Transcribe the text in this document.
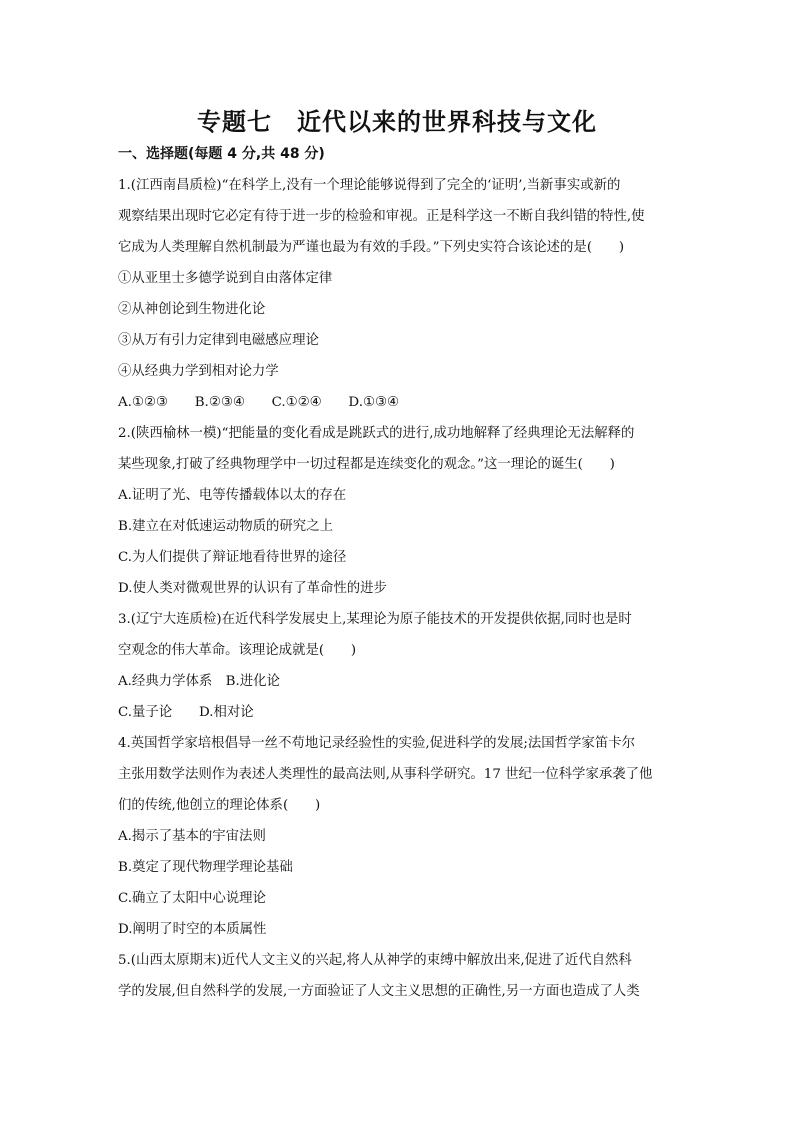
专题七　近代以来的世界科技与文化
一、选择题(每题 4 分,共 48 分)
1.(江西南昌质检)“在科学上,没有一个理论能够说得到了完全的‘证明’,当新事实或新的
观察结果出现时它必定有待于进一步的检验和审视。正是科学这一不断自我纠错的特性,使
它成为人类理解自然机制最为严谨也最为有效的手段。”下列史实符合该论述的是(　　)
①从亚里士多德学说到自由落体定律
②从神创论到生物进化论
③从万有引力定律到电磁感应理论
④从经典力学到相对论力学
A.①②③　　B.②③④　　C.①②④　　D.①③④
2.(陕西榆林一模)“把能量的变化看成是跳跃式的进行,成功地解释了经典理论无法解释的
某些现象,打破了经典物理学中一切过程都是连续变化的观念。”这一理论的诞生(　　)
A.证明了光、电等传播载体以太的存在
B.建立在对低速运动物质的研究之上
C.为人们提供了辩证地看待世界的途径
D.使人类对微观世界的认识有了革命性的进步
3.(辽宁大连质检)在近代科学发展史上,某理论为原子能技术的开发提供依据,同时也是时
空观念的伟大革命。该理论成就是(　　)
A.经典力学体系　B.进化论
C.量子论　　D.相对论
4.英国哲学家培根倡导一丝不苟地记录经验性的实验,促进科学的发展;法国哲学家笛卡尔
主张用数学法则作为表述人类理性的最高法则,从事科学研究。17 世纪一位科学家承袭了他
们的传统,他创立的理论体系(　　)
A.揭示了基本的宇宙法则
B.奠定了现代物理学理论基础
C.确立了太阳中心说理论
D.阐明了时空的本质属性
5.(山西太原期末)近代人文主义的兴起,将人从神学的束缚中解放出来,促进了近代自然科
学的发展,但自然科学的发展,一方面验证了人文主义思想的正确性,另一方面也造成了人类
